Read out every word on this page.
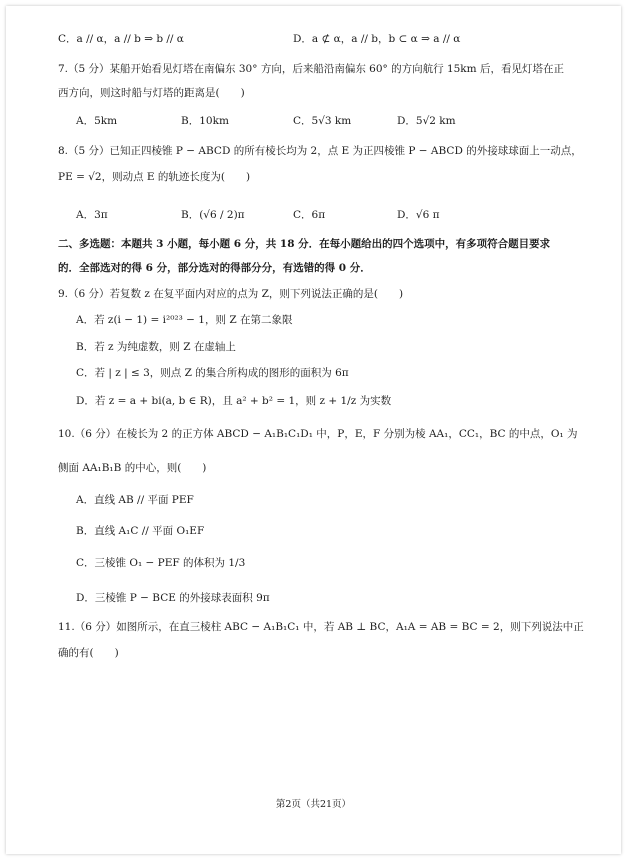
C．a // α，a // b ⇒ b // α	D．a ⊄ α，a // b，b ⊂ α ⇒ a // α
7.（5 分）某船开始看见灯塔在南偏东 30° 方向，后来船沿南偏东 60° 的方向航行 15km 后，看见灯塔在正
西方向，则这时船与灯塔的距离是(　　)
A．5km	B．10km	C．5√3 km	D．5√2 km
8.（5 分）已知正四棱锥 P − ABCD 的所有棱长均为 2，点 E 为正四棱锥 P − ABCD 的外接球球面上一动点，
PE = √2，则动点 E 的轨迹长度为(　　)
A．3π	B．(√6 / 2)π	C．6π	D．√6 π
二、多选题：本题共 3 小题，每小题 6 分，共 18 分．在每小题给出的四个选项中，有多项符合题目要求
的．全部选对的得 6 分，部分选对的得部分分，有选错的得 0 分．
9.（6 分）若复数 z 在复平面内对应的点为 Z，则下列说法正确的是(　　)
A．若 z(i − 1) = i²⁰²³ − 1，则 Z 在第二象限
B．若 z 为纯虚数，则 Z 在虚轴上
C．若 | z | ≤ 3，则点 Z 的集合所构成的图形的面积为 6π
D．若 z = a + bi(a, b ∈ R)，且 a² + b² = 1，则 z + 1/z 为实数
10.（6 分）在棱长为 2 的正方体 ABCD − A₁B₁C₁D₁ 中，P，E，F 分别为棱 AA₁，CC₁，BC 的中点，O₁ 为
侧面 AA₁B₁B 的中心，则(　　)
A．直线 AB // 平面 PEF
B．直线 A₁C // 平面 O₁EF
C．三棱锥 O₁ − PEF 的体积为 1/3
D．三棱锥 P − BCE 的外接球表面积 9π
11.（6 分）如图所示，在直三棱柱 ABC − A₁B₁C₁ 中，若 AB ⊥ BC，A₁A = AB = BC = 2，则下列说法中正
确的有(　　)
第2页（共21页）
